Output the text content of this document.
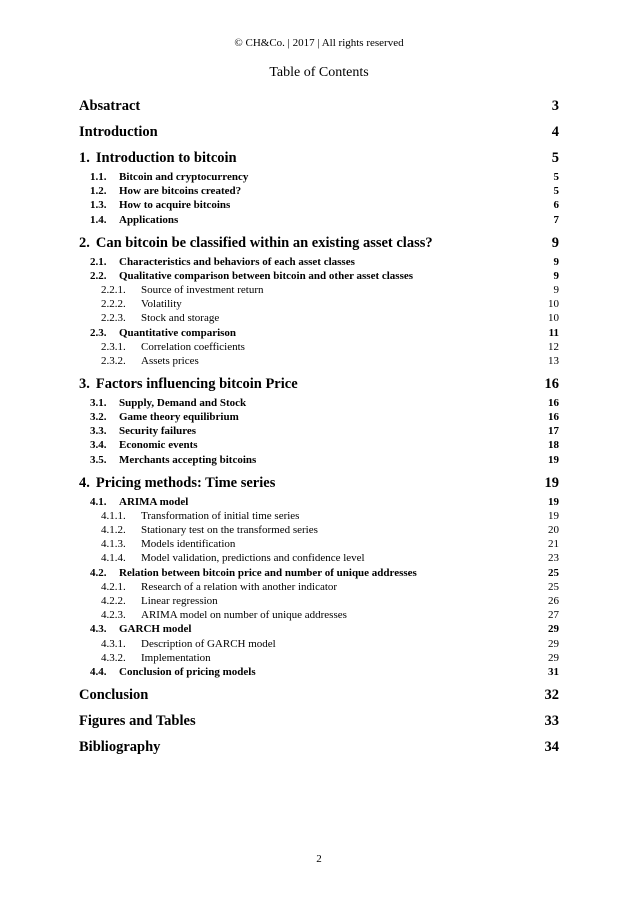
© CH&Co. | 2017 | All rights reserved
Table of Contents
Absatract	3
Introduction	4
1. Introduction to bitcoin	5
1.1.	Bitcoin and cryptocurrency	5
1.2.	How are bitcoins created?	5
1.3.	How to acquire bitcoins	6
1.4.	Applications	7
2. Can bitcoin be classified within an existing asset class?	9
2.1.	Characteristics and behaviors of each asset classes	9
2.2.	Qualitative comparison between bitcoin and other asset classes	9
2.2.1.	Source of investment return	9
2.2.2.	Volatility	10
2.2.3.	Stock and storage	10
2.3.	Quantitative comparison	11
2.3.1.	Correlation coefficients	12
2.3.2.	Assets prices	13
3. Factors influencing bitcoin Price	16
3.1.	Supply, Demand and Stock	16
3.2.	Game theory equilibrium	16
3.3.	Security failures	17
3.4.	Economic events	18
3.5.	Merchants accepting bitcoins	19
4. Pricing methods: Time series	19
4.1.	ARIMA model	19
4.1.1.	Transformation of initial time series	19
4.1.2.	Stationary test on the transformed series	20
4.1.3.	Models identification	21
4.1.4.	Model validation, predictions and confidence level	23
4.2.	Relation between bitcoin price and number of unique addresses	25
4.2.1.	Research of a relation with another indicator	25
4.2.2.	Linear regression	26
4.2.3.	ARIMA model on number of unique addresses	27
4.3.	GARCH model	29
4.3.1.	Description of GARCH model	29
4.3.2.	Implementation	29
4.4.	Conclusion of pricing models	31
Conclusion	32
Figures and Tables	33
Bibliography	34
2
